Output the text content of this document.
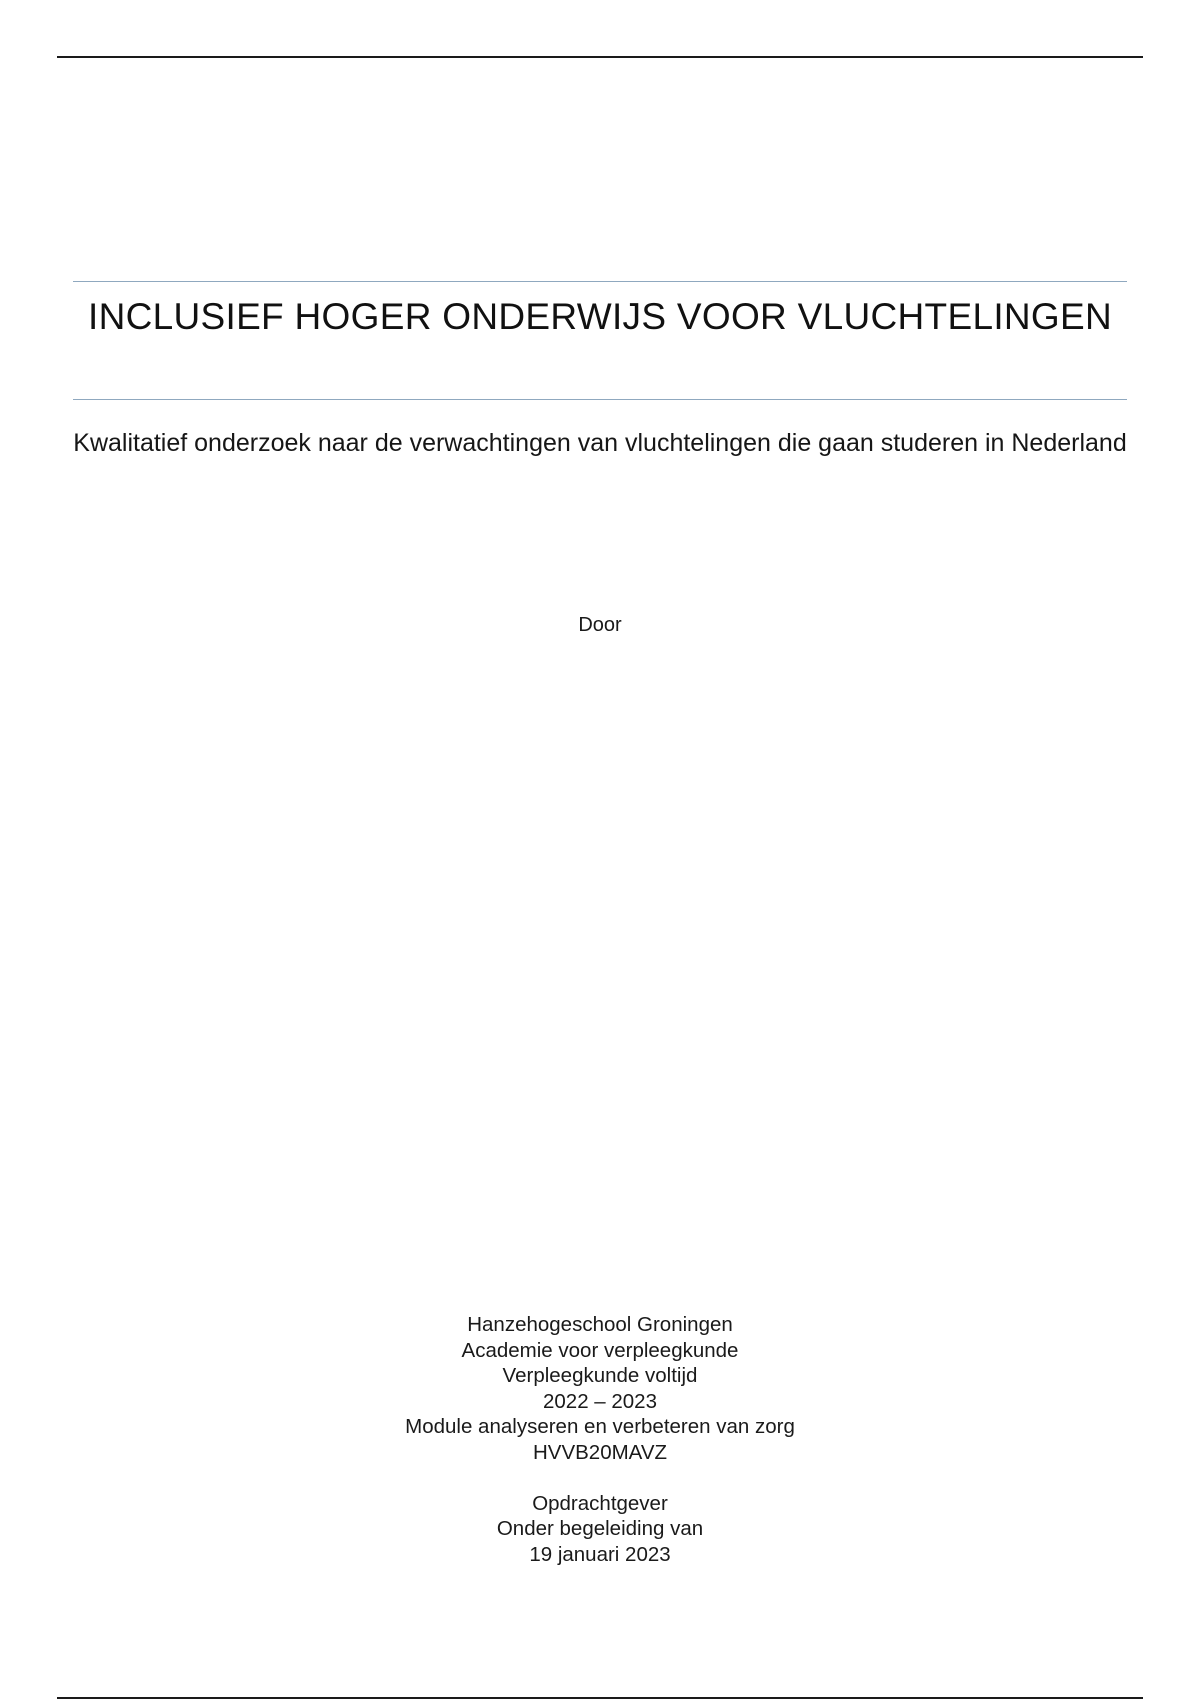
INCLUSIEF HOGER ONDERWIJS VOOR VLUCHTELINGEN

Kwalitatief onderzoek naar de verwachtingen van vluchtelingen die gaan studeren in Nederland

Door
Hanzehogeschool Groningen
Academie voor verpleegkunde
Verpleegkunde voltijd
2022 – 2023
Module analyseren en verbeteren van zorg
HVVB20MAVZ
Opdrachtgever
Onder begeleiding van
19 januari 2023
